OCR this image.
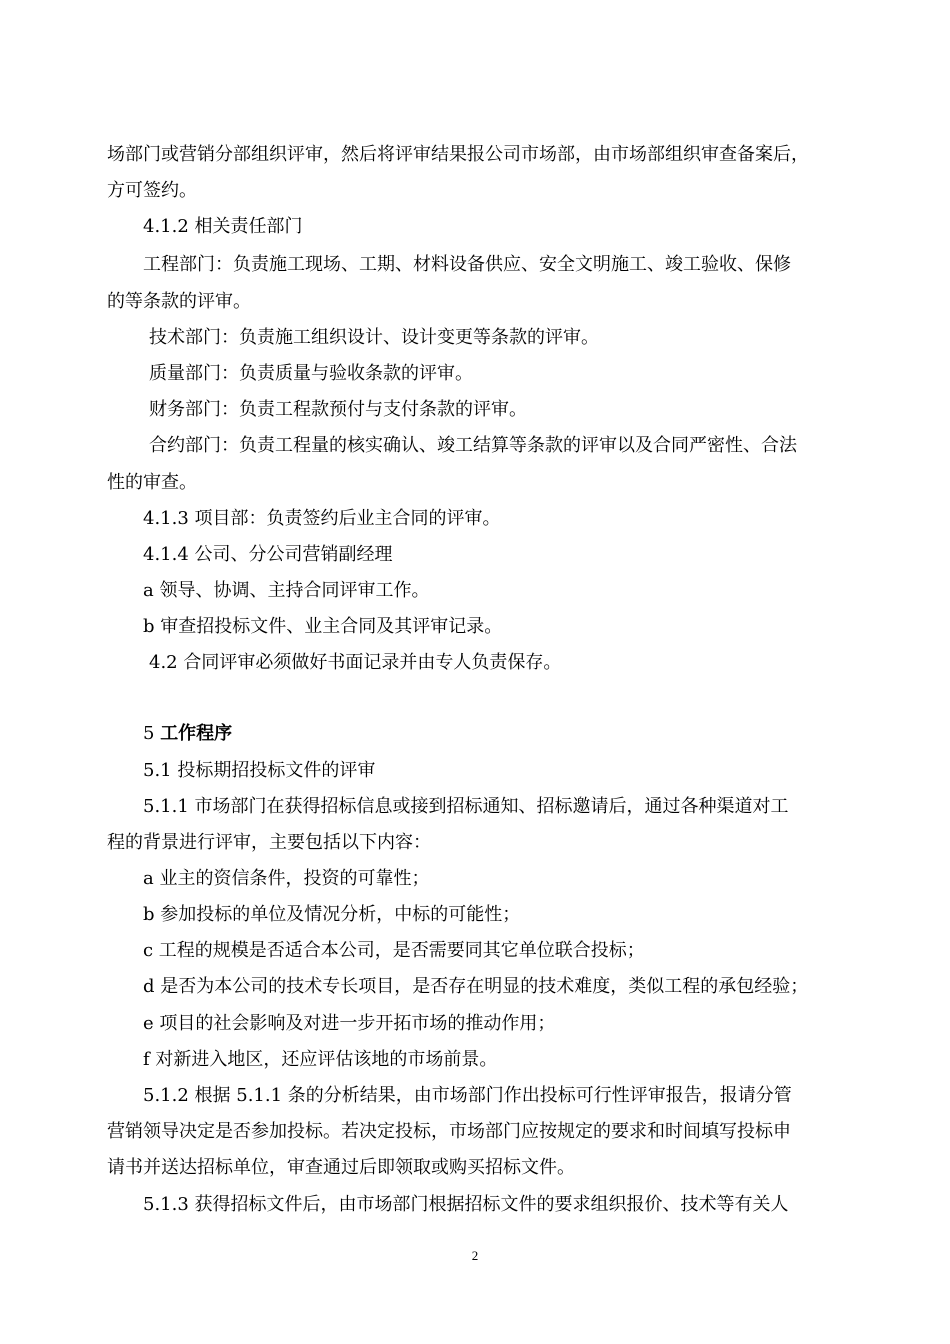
场部门或营销分部组织评审，然后将评审结果报公司市场部，由市场部组织审查备案后，
方可签约。
4.1.2 相关责任部门
工程部门：负责施工现场、工期、材料设备供应、安全文明施工、竣工验收、保修
的等条款的评审。
技术部门：负责施工组织设计、设计变更等条款的评审。
质量部门：负责质量与验收条款的评审。
财务部门：负责工程款预付与支付条款的评审。
合约部门：负责工程量的核实确认、竣工结算等条款的评审以及合同严密性、合法
性的审查。
4.1.3 项目部：负责签约后业主合同的评审。
4.1.4 公司、分公司营销副经理
a 领导、协调、主持合同评审工作。
b 审查招投标文件、业主合同及其评审记录。
4.2 合同评审必须做好书面记录并由专人负责保存。
5 工作程序
5.1 投标期招投标文件的评审
5.1.1 市场部门在获得招标信息或接到招标通知、招标邀请后，通过各种渠道对工
程的背景进行评审，主要包括以下内容：
a 业主的资信条件，投资的可靠性；
b 参加投标的单位及情况分析，中标的可能性；
c 工程的规模是否适合本公司，是否需要同其它单位联合投标；
d 是否为本公司的技术专长项目，是否存在明显的技术难度，类似工程的承包经验；
e 项目的社会影响及对进一步开拓市场的推动作用；
f 对新进入地区，还应评估该地的市场前景。
5.1.2 根据 5.1.1 条的分析结果，由市场部门作出投标可行性评审报告，报请分管
营销领导决定是否参加投标。若决定投标，市场部门应按规定的要求和时间填写投标申
请书并送达招标单位，审查通过后即领取或购买招标文件。
5.1.3 获得招标文件后，由市场部门根据招标文件的要求组织报价、技术等有关人
2
